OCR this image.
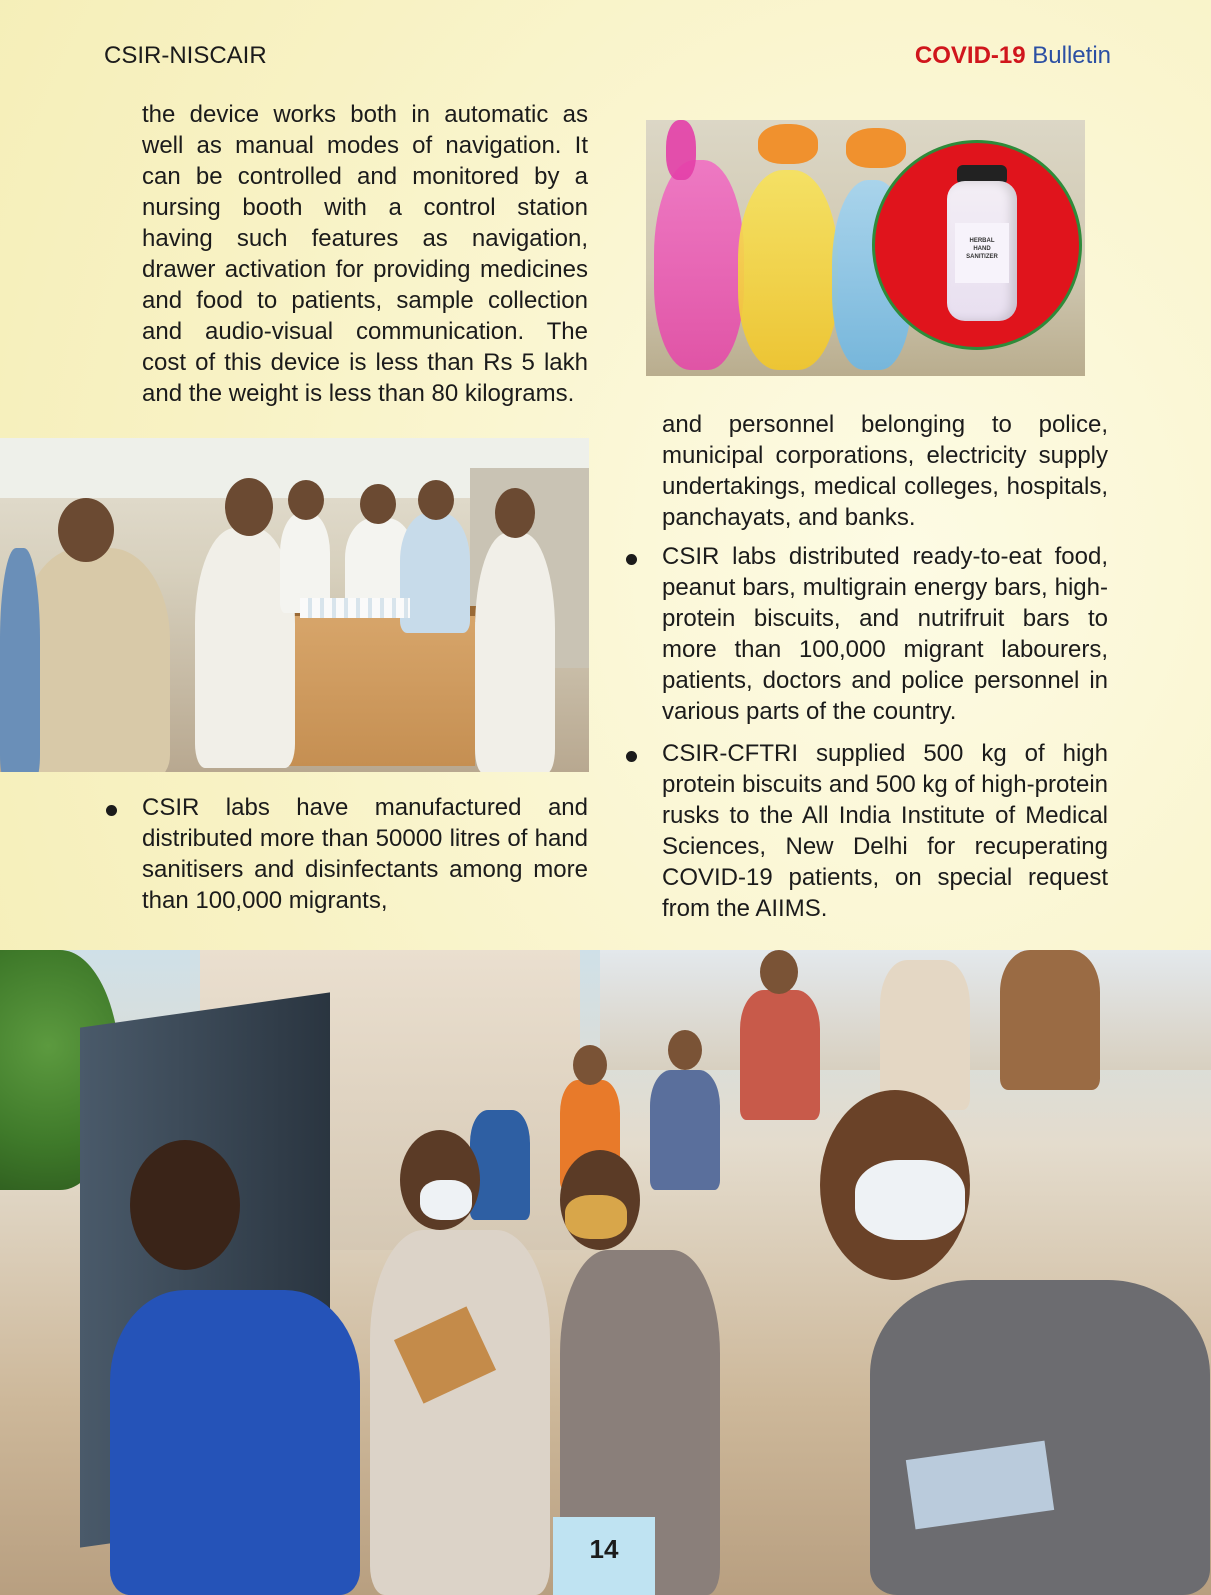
CSIR-NISCAIR	COVID-19 Bulletin

the device works both in automatic as well as manual modes of navigation. It can be controlled and monitored by a nursing booth with a control station having such features as navigation, drawer activation for providing medicines and food to patients, sample collection and audio-visual communication. The cost of this device is less than Rs 5 lakh and the weight is less than 80 kilograms.

HERBAL
HAND
SANITIZER

and personnel belonging to police, municipal corporations, electricity supply undertakings, medical colleges, hospitals, panchayats, and banks.

CSIR labs have manufactured and distributed more than 50000 litres of hand sanitisers and disinfectants among more than 100,000 migrants,

CSIR labs distributed ready-to-eat food, peanut bars, multigrain energy bars, high-protein biscuits, and nutrifruit bars to more than 100,000 migrant labourers, patients, doctors and police personnel in various parts of the country.

CSIR-CFTRI supplied 500 kg of high protein biscuits and 500 kg of high-protein rusks to the All India Institute of Medical Sciences, New Delhi for recuperating COVID-19 patients, on special request from the AIIMS.

14
